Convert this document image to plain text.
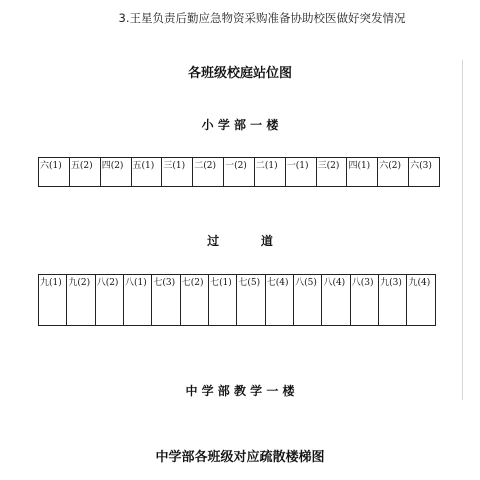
3.王星负责后勤应急物资采购准备协助校医做好突发情况
各班级校庭站位图
小 学 部 一 楼
六(1)	五(2)	四(2)	五(1)	三(1)	二(2)	一(2)	二(1)	一(1)	三(2)	四(1)	六(2)	六(3)
过          道
九(1)	九(2)	八(2)	八(1)	七(3)	七(2)	七(1)	七(5)	七(4)	八(5)	八(4)	八(3)	九(3)	九(4)
中 学 部 教 学 一 楼
中学部各班级对应疏散楼梯图
